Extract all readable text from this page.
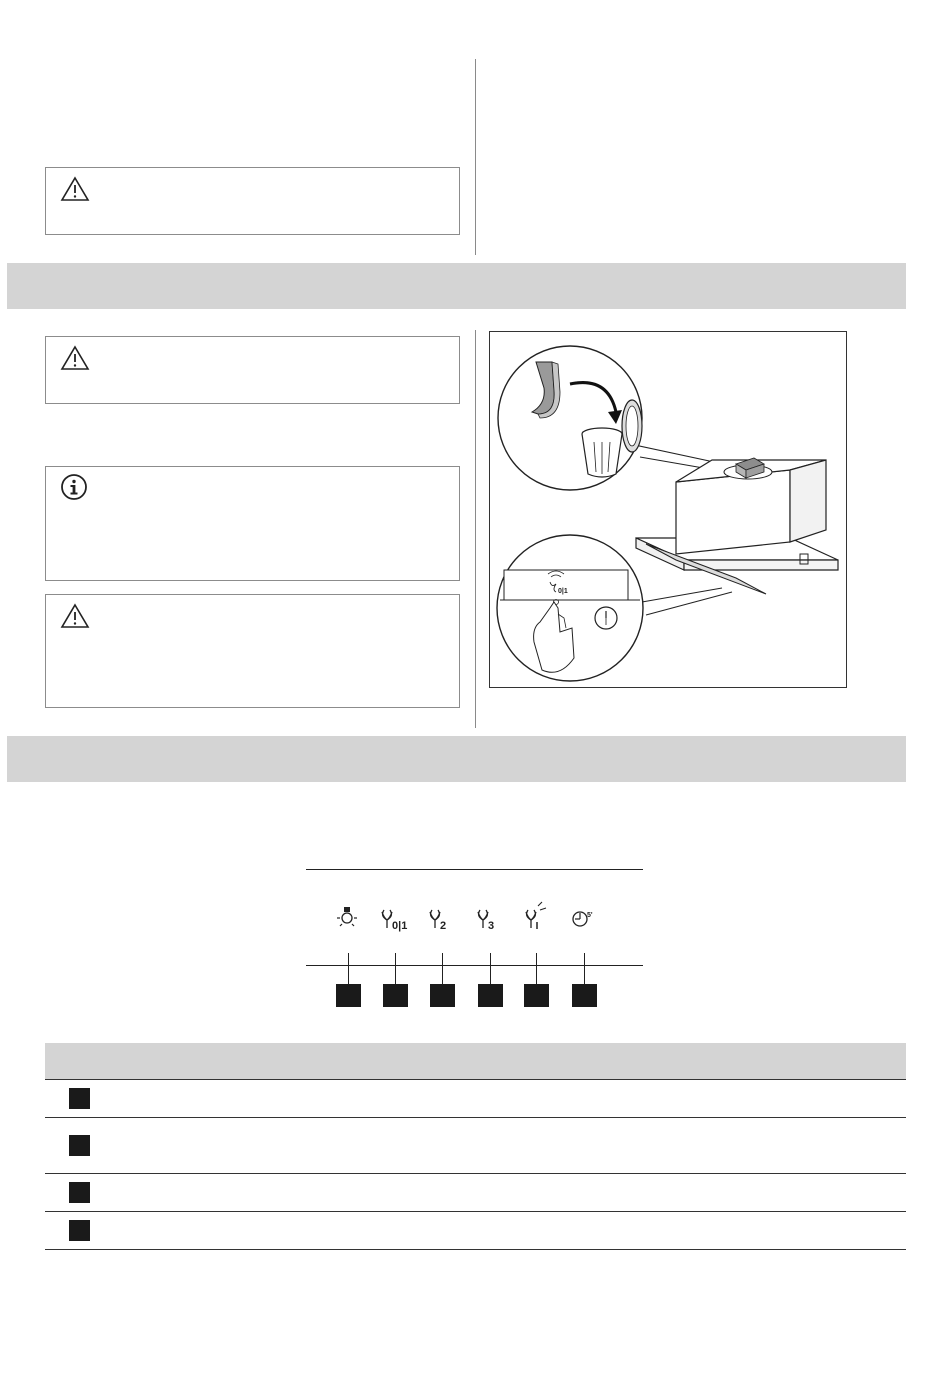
0|1
0|1	2	3
5'
